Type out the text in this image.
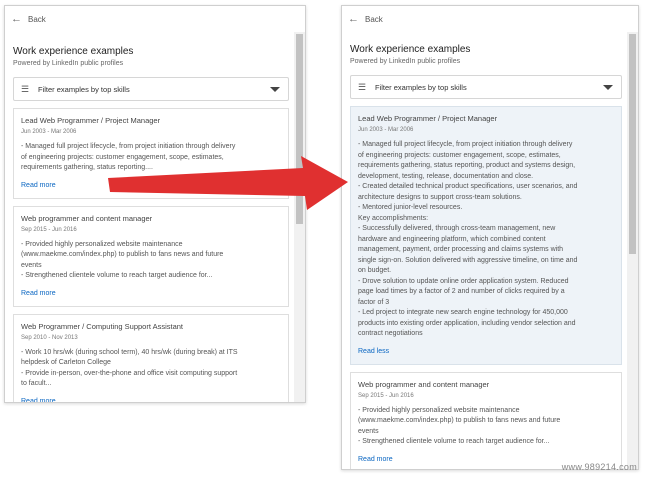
← Back
Work experience examples
Powered by LinkedIn public profiles
☰	Filter examples by top skills
Lead Web Programmer / Project Manager
Jun 2003 - Mar 2006
- Managed full project lifecycle, from project initiation through delivery
of engineering projects: customer engagement, scope, estimates,
requirements gathering, status reporting....
Read more
Web programmer and content manager
Sep 2015 - Jun 2016
- Provided highly personalized website maintenance
(www.maekme.com/index.php) to publish to fans news and future
events
- Strengthened clientele volume to reach target audience for...
Read more
Web Programmer / Computing Support Assistant
Sep 2010 - Nov 2013
- Work 10 hrs/wk (during school term), 40 hrs/wk (during break) at ITS
helpdesk of Carleton College
- Provide in-person, over-the-phone and office visit computing support
to facult...
Read more
← Back
Work experience examples
Powered by LinkedIn public profiles
☰	Filter examples by top skills
Lead Web Programmer / Project Manager
Jun 2003 - Mar 2006
- Managed full project lifecycle, from project initiation through delivery
of engineering projects: customer engagement, scope, estimates,
requirements gathering, status reporting, product and systems design,
development, testing, release, documentation and close.
- Created detailed technical product specifications, user scenarios, and
architecture designs to support cross-team solutions.
- Mentored junior-level resources.
Key accomplishments:
- Successfully delivered, through cross-team management, new
hardware and engineering platform, which combined content
management, payment, order processing and claims systems with
single sign-on. Solution delivered with aggressive timeline, on time and
on budget.
- Drove solution to update online order application system. Reduced
page load times by a factor of 2 and number of clicks required by a
factor of 3
- Led project to integrate new search engine technology for 450,000
products into existing order application, including vendor selection and
contract negotiations
Read less
Web programmer and content manager
Sep 2015 - Jun 2016
- Provided highly personalized website maintenance
(www.maekme.com/index.php) to publish to fans news and future
events
- Strengthened clientele volume to reach target audience for...
Read more
www.989214.com
